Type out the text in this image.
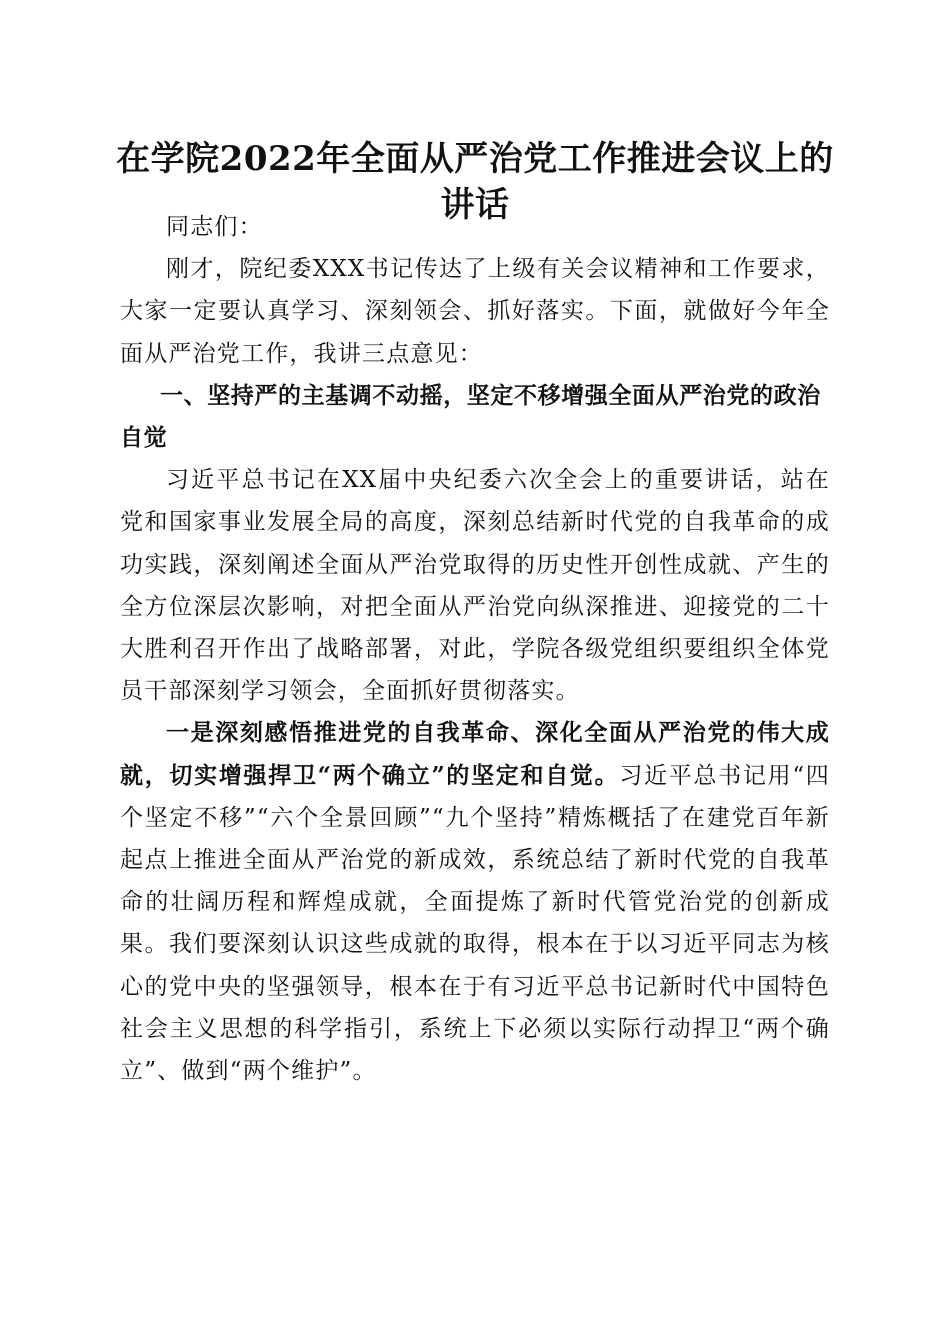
在学院2022年全面从严治党工作推进会议上的讲话

同志们：

刚才，院纪委XXX书记传达了上级有关会议精神和工作要求，大家一定要认真学习、深刻领会、抓好落实。下面，就做好今年全面从严治党工作，我讲三点意见：

一、坚持严的主基调不动摇，坚定不移增强全面从严治党的政治自觉

习近平总书记在XX届中央纪委六次全会上的重要讲话，站在党和国家事业发展全局的高度，深刻总结新时代党的自我革命的成功实践，深刻阐述全面从严治党取得的历史性开创性成就、产生的全方位深层次影响，对把全面从严治党向纵深推进、迎接党的二十大胜利召开作出了战略部署，对此，学院各级党组织要组织全体党员干部深刻学习领会，全面抓好贯彻落实。

一是深刻感悟推进党的自我革命、深化全面从严治党的伟大成就，切实增强捍卫“两个确立”的坚定和自觉。习近平总书记用“四个坚定不移”“六个全景回顾”“九个坚持”精炼概括了在建党百年新起点上推进全面从严治党的新成效，系统总结了新时代党的自我革命的壮阔历程和辉煌成就，全面提炼了新时代管党治党的创新成果。我们要深刻认识这些成就的取得，根本在于以习近平同志为核心的党中央的坚强领导，根本在于有习近平总书记新时代中国特色社会主义思想的科学指引，系统上下必须以实际行动捍卫“两个确立”、做到“两个维护”。
